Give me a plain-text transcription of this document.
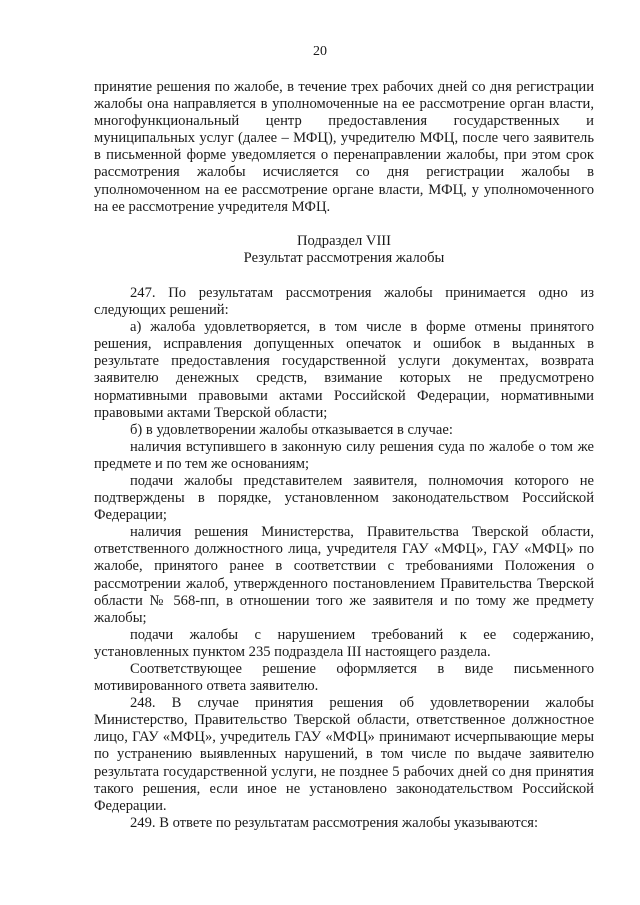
20

принятие решения по жалобе, в течение трех рабочих дней со дня регистрации жалобы она направляется в уполномоченные на ее рассмотрение орган власти, многофункциональный центр предоставления государственных и муниципальных услуг (далее – МФЦ), учредителю МФЦ, после чего заявитель в письменной форме уведомляется о перенаправлении жалобы, при этом срок рассмотрения жалобы исчисляется со дня регистрации жалобы в уполномоченном на ее рассмотрение органе власти, МФЦ, у уполномоченного на ее рассмотрение учредителя МФЦ.

Подраздел VIII
Результат рассмотрения жалобы

247. По результатам рассмотрения жалобы принимается одно из следующих решений:

а) жалоба удовлетворяется, в том числе в форме отмены принятого решения, исправления допущенных опечаток и ошибок в выданных в результате предоставления государственной услуги документах, возврата заявителю денежных средств, взимание которых не предусмотрено нормативными правовыми актами Российской Федерации, нормативными правовыми актами Тверской области;

б) в удовлетворении жалобы отказывается в случае:

наличия вступившего в законную силу решения суда по жалобе о том же предмете и по тем же основаниям;

подачи жалобы представителем заявителя, полномочия которого не подтверждены в порядке, установленном законодательством Российской Федерации;

наличия решения Министерства, Правительства Тверской области, ответственного должностного лица, учредителя ГАУ «МФЦ», ГАУ «МФЦ» по жалобе, принятого ранее в соответствии с требованиями Положения о рассмотрении жалоб, утвержденного постановлением Правительства Тверской области № 568-пп, в отношении того же заявителя и по тому же предмету жалобы;

подачи жалобы с нарушением требований к ее содержанию, установленных пунктом 235 подраздела III настоящего раздела.

Соответствующее решение оформляется в виде письменного мотивированного ответа заявителю.

248. В случае принятия решения об удовлетворении жалобы Министерство, Правительство Тверской области, ответственное должностное лицо, ГАУ «МФЦ», учредитель ГАУ «МФЦ» принимают исчерпывающие меры по устранению выявленных нарушений, в том числе по выдаче заявителю результата государственной услуги, не позднее 5 рабочих дней со дня принятия такого решения, если иное не установлено законодательством Российской Федерации.

249. В ответе по результатам рассмотрения жалобы указываются:
